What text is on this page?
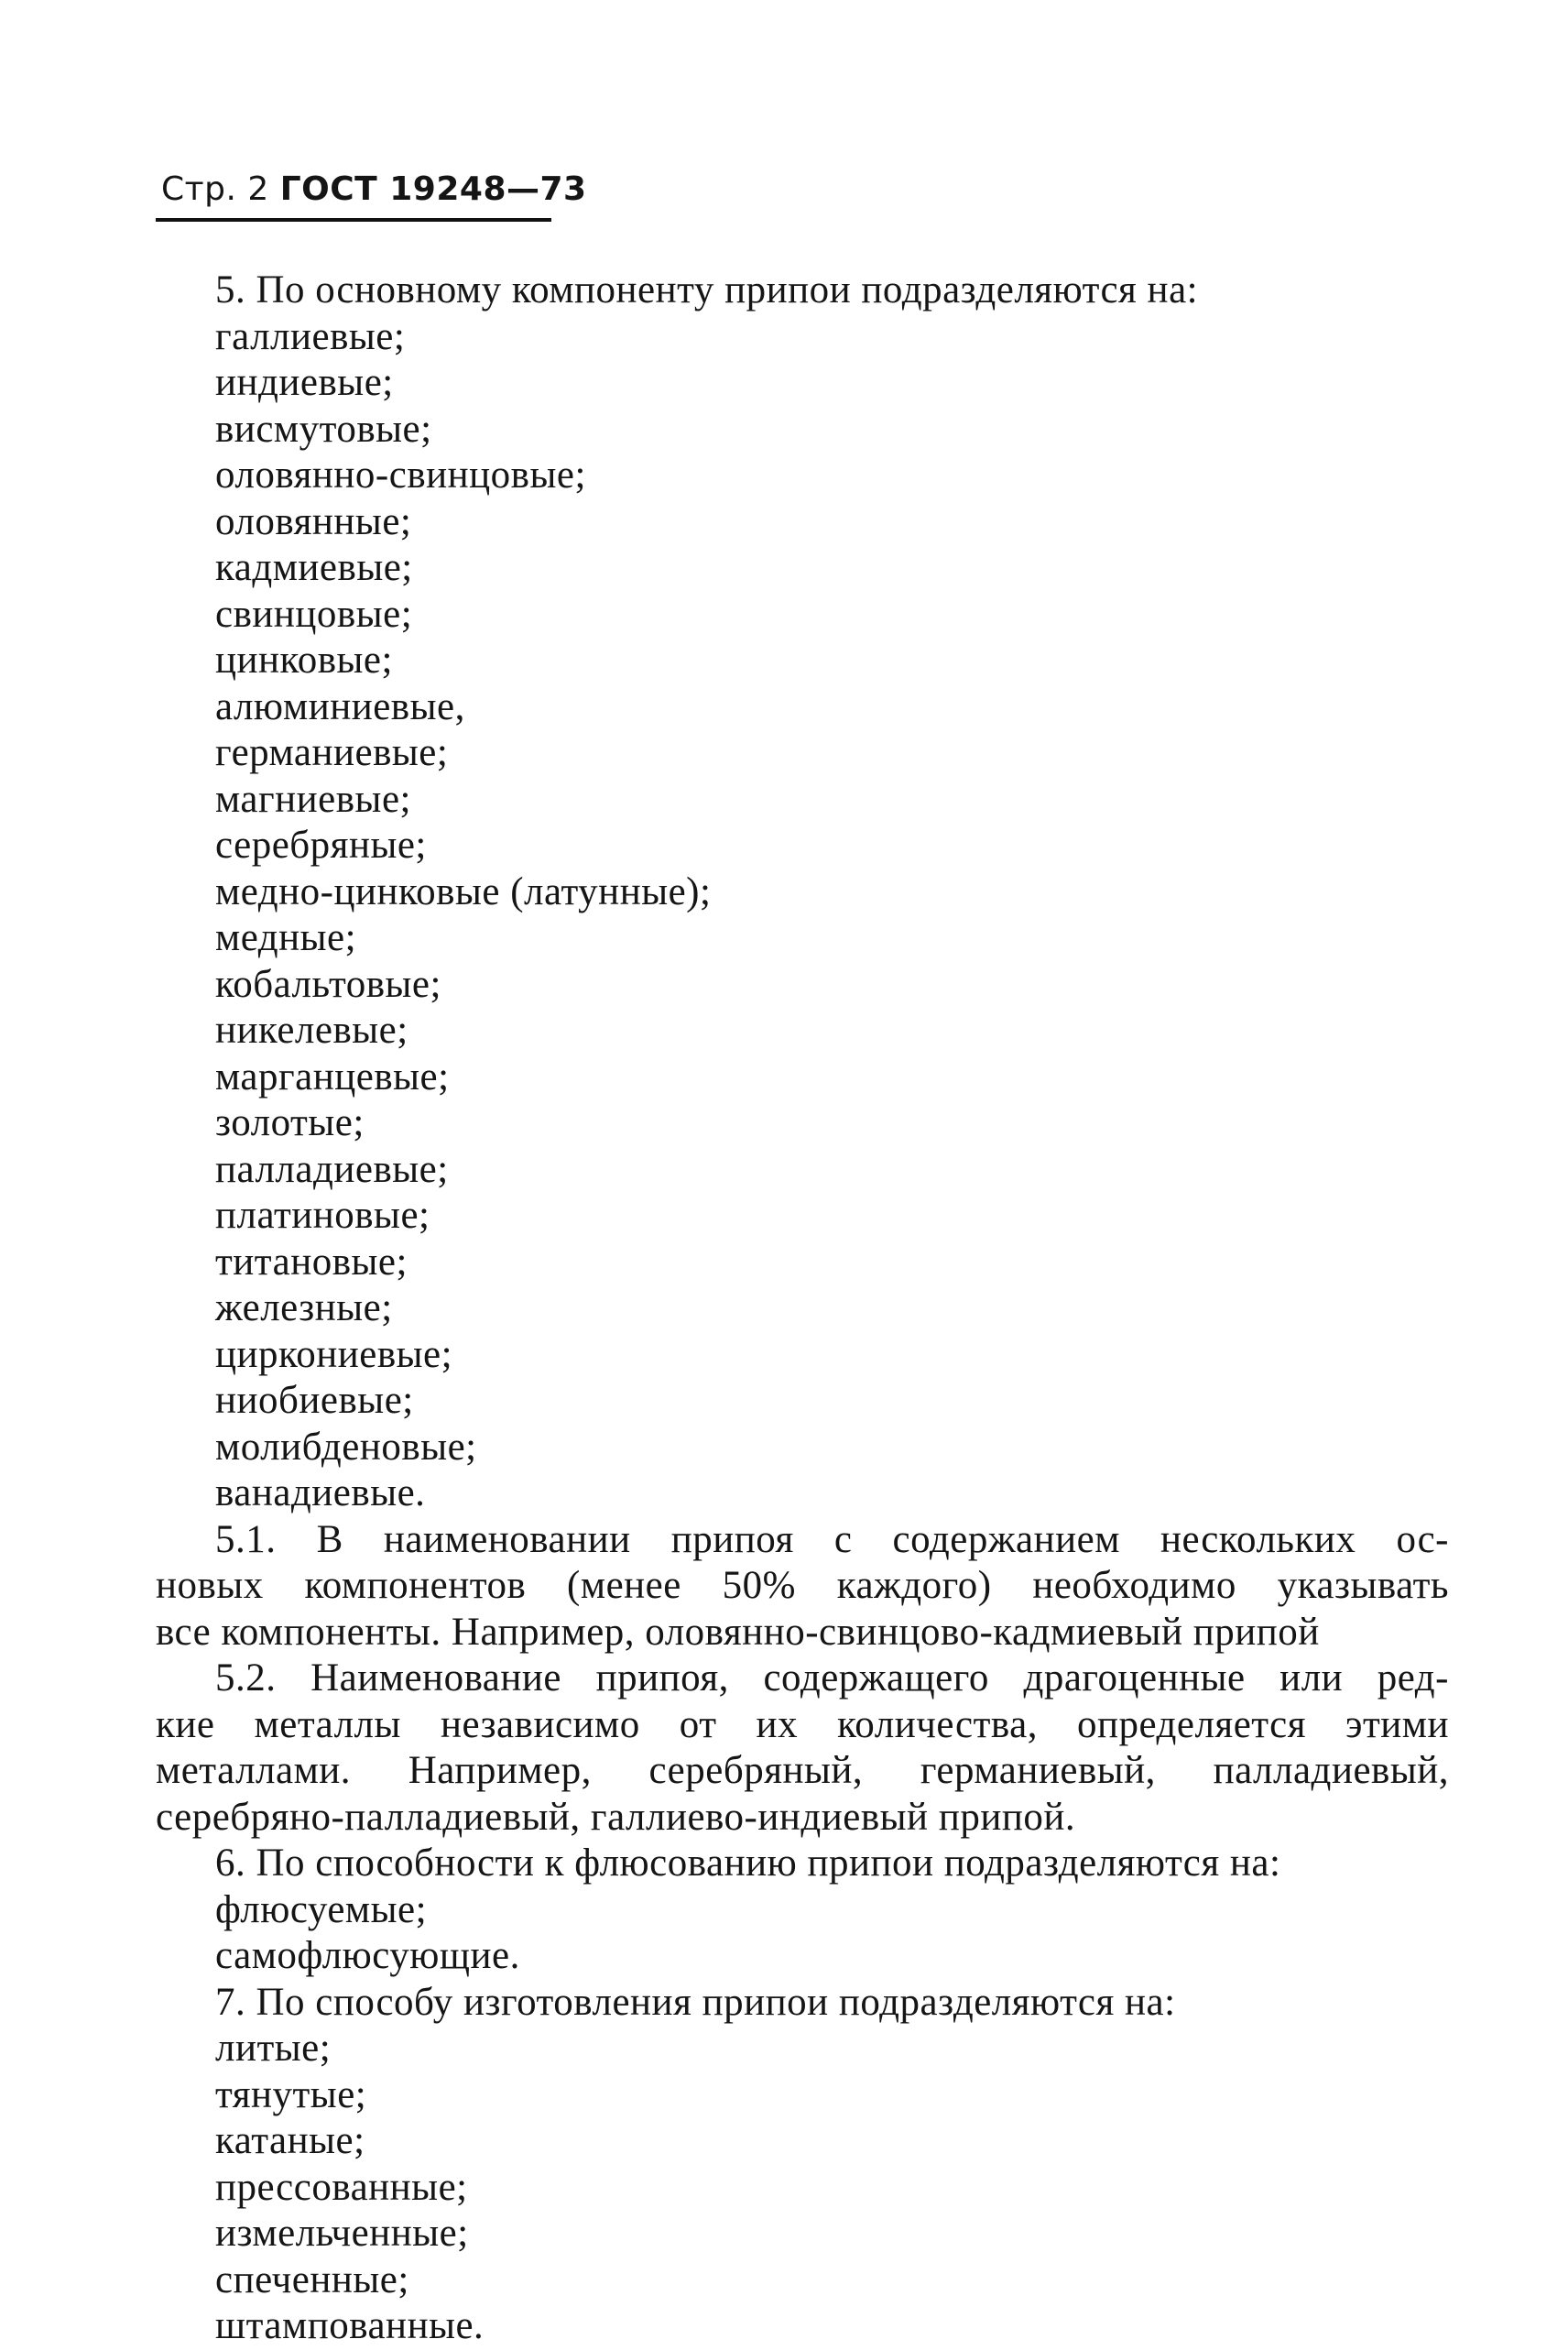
Стр. 2 ГОСТ 19248—73
5. По основному компоненту припои подразделяются на:
галлиевые;
индиевые;
висмутовые;
оловянно-свинцовые;
оловянные;
кадмиевые;
свинцовые;
цинковые;
алюминиевые,
германиевые;
магниевые;
серебряные;
медно-цинковые (латунные);
медные;
кобальтовые;
никелевые;
марганцевые;
золотые;
палладиевые;
платиновые;
титановые;
железные;
циркониевые;
ниобиевые;
молибденовые;
ванадиевые.
5.1. В наименовании припоя с содержанием нескольких ос-
новых компонентов (менее 50% каждого) необходимо указывать
все компоненты. Например, оловянно-свинцово-кадмиевый припой
5.2. Наименование припоя, содержащего драгоценные или ред-
кие металлы независимо от их количества, определяется этими
металлами. Например, серебряный, германиевый, палладиевый,
серебряно-палладиевый, галлиево-индиевый припой.
6. По способности к флюсованию припои подразделяются на:
флюсуемые;
самофлюсующие.
7. По способу изготовления припои подразделяются на:
литые;
тянутые;
катаные;
прессованные;
измельченные;
спеченные;
штампованные.
